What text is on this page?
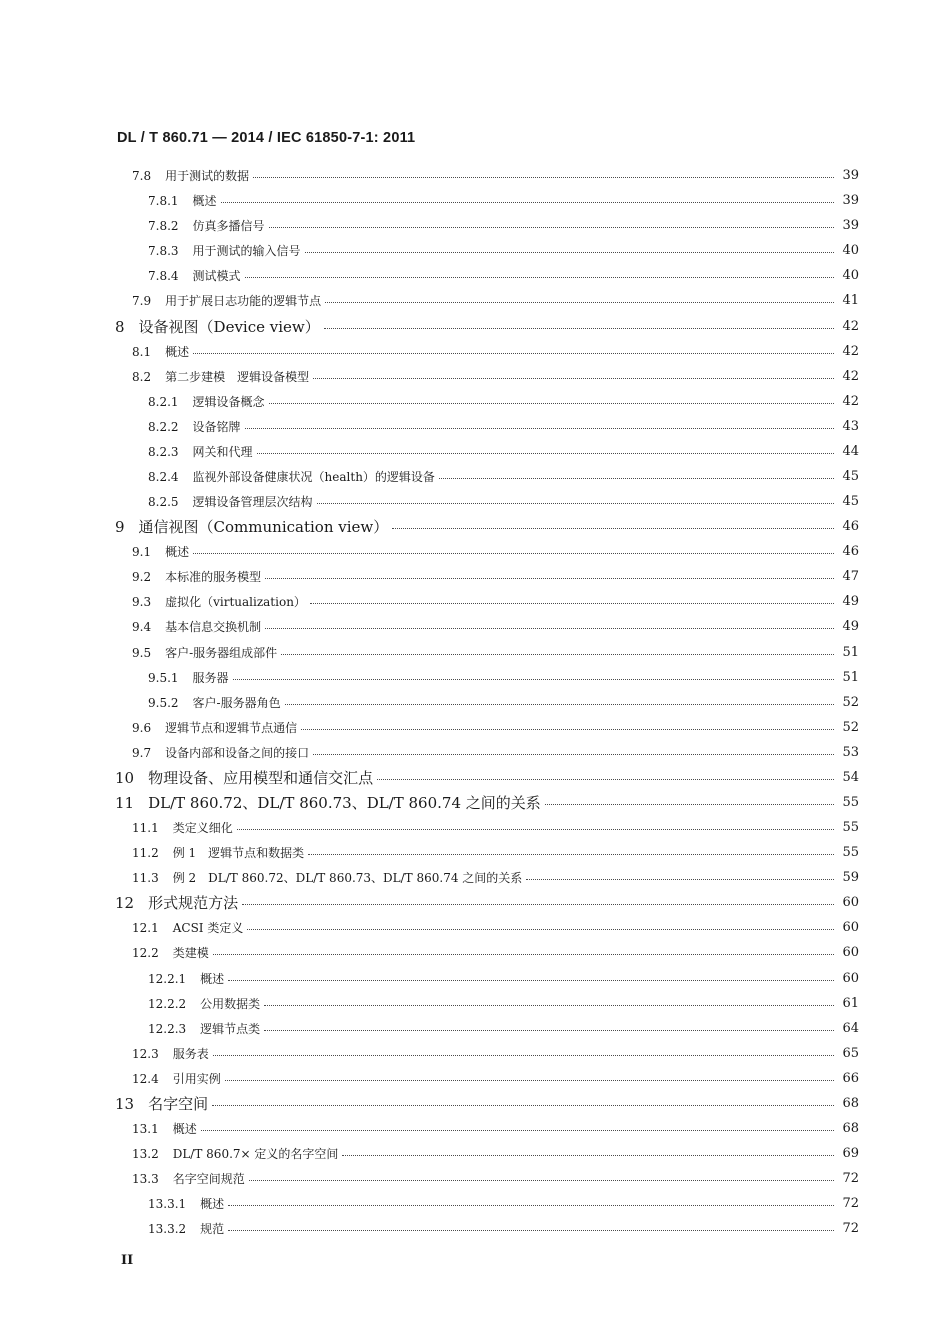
DL / T 860.71 — 2014 / IEC 61850-7-1: 2011
7.8 用于测试的数据	39
7.8.1 概述	39
7.8.2 仿真多播信号	39
7.8.3 用于测试的输入信号	40
7.8.4 测试模式	40
7.9 用于扩展日志功能的逻辑节点	41
8 设备视图（Device view）	42
8.1 概述	42
8.2 第二步建模　逻辑设备模型	42
8.2.1 逻辑设备概念	42
8.2.2 设备铭牌	43
8.2.3 网关和代理	44
8.2.4 监视外部设备健康状况（health）的逻辑设备	45
8.2.5 逻辑设备管理层次结构	45
9 通信视图（Communication view）	46
9.1 概述	46
9.2 本标准的服务模型	47
9.3 虚拟化（virtualization）	49
9.4 基本信息交换机制	49
9.5 客户-服务器组成部件	51
9.5.1 服务器	51
9.5.2 客户-服务器角色	52
9.6 逻辑节点和逻辑节点通信	52
9.7 设备内部和设备之间的接口	53
10 物理设备、应用模型和通信交汇点	54
11 DL/T 860.72、DL/T 860.73、DL/T 860.74 之间的关系	55
11.1 类定义细化	55
11.2 例 1　逻辑节点和数据类	55
11.3 例 2　DL/T 860.72、DL/T 860.73、DL/T 860.74 之间的关系	59
12 形式规范方法	60
12.1 ACSI 类定义	60
12.2 类建模	60
12.2.1 概述	60
12.2.2 公用数据类	61
12.2.3 逻辑节点类	64
12.3 服务表	65
12.4 引用实例	66
13 名字空间	68
13.1 概述	68
13.2 DL/T 860.7× 定义的名字空间	69
13.3 名字空间规范	72
13.3.1 概述	72
13.3.2 规范	72
II
